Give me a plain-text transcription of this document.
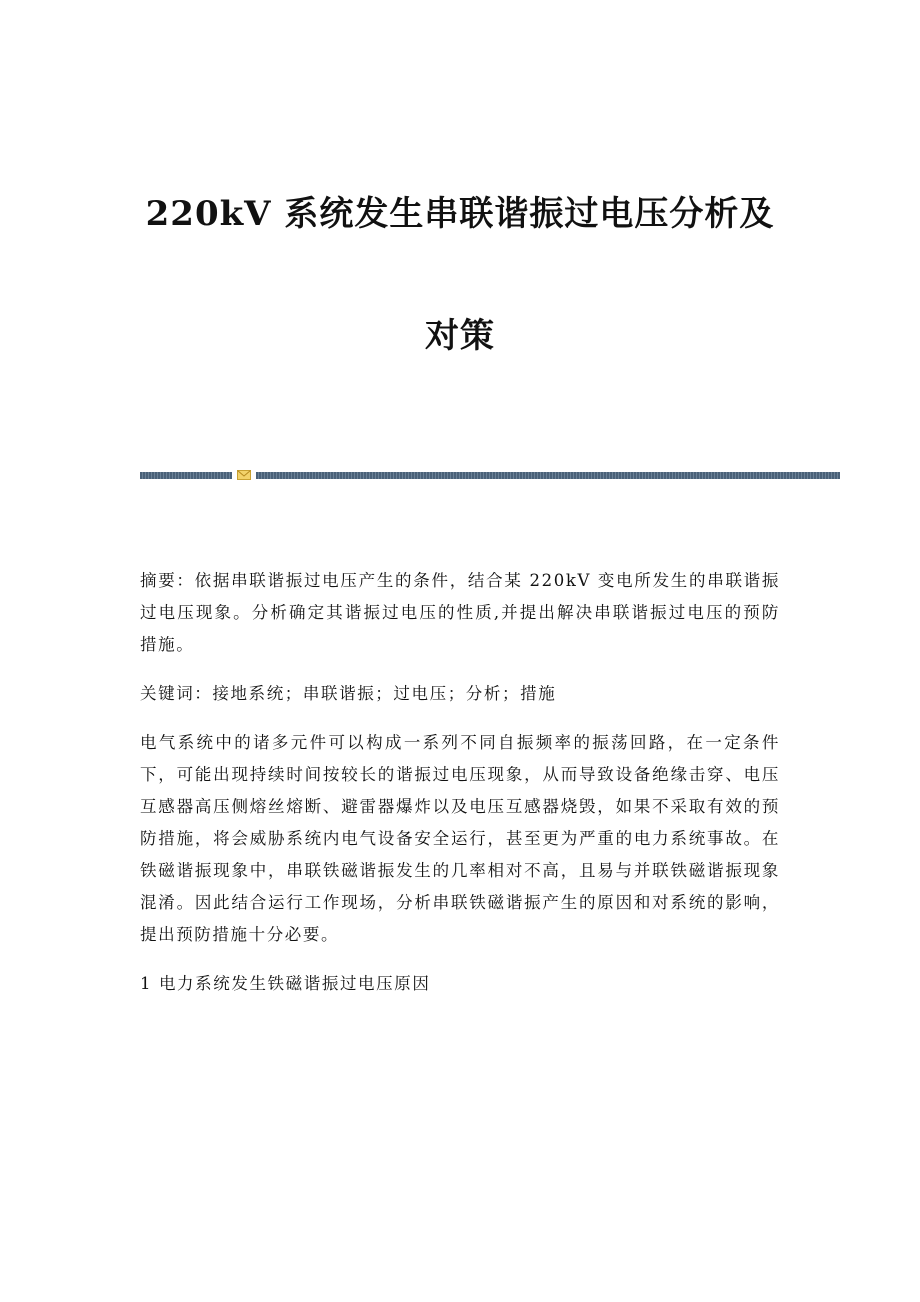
220kV 系统发生串联谐振过电压分析及
对策

摘要：依据串联谐振过电压产生的条件，结合某 220kV 变电所发生的串联谐振过电压现象。分析确定其谐振过电压的性质,并提出解决串联谐振过电压的预防措施。

关键词：接地系统；串联谐振；过电压；分析；措施

电气系统中的诸多元件可以构成一系列不同自振频率的振荡回路，在一定条件下，可能出现持续时间按较长的谐振过电压现象，从而导致设备绝缘击穿、电压互感器高压侧熔丝熔断、避雷器爆炸以及电压互感器烧毁，如果不采取有效的预防措施，将会威胁系统内电气设备安全运行，甚至更为严重的电力系统事故。在铁磁谐振现象中，串联铁磁谐振发生的几率相对不高，且易与并联铁磁谐振现象混淆。因此结合运行工作现场，分析串联铁磁谐振产生的原因和对系统的影响，提出预防措施十分必要。

1 电力系统发生铁磁谐振过电压原因
